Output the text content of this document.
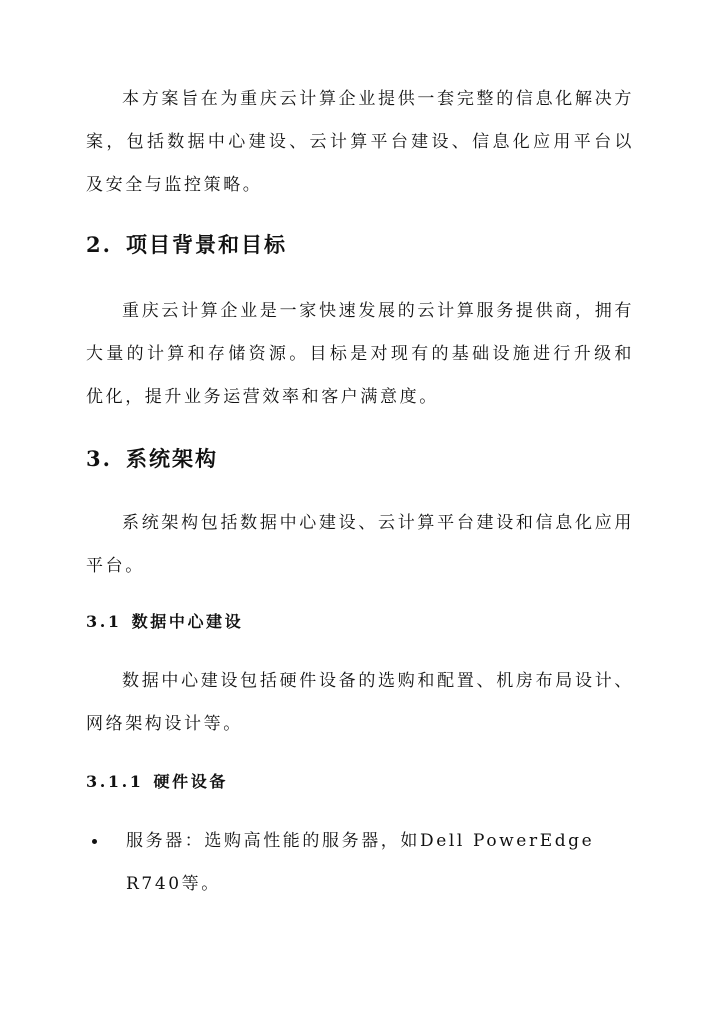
本方案旨在为重庆云计算企业提供一套完整的信息化解决方案，包括数据中心建设、云计算平台建设、信息化应用平台以及安全与监控策略。

2. 项目背景和目标

重庆云计算企业是一家快速发展的云计算服务提供商，拥有大量的计算和存储资源。目标是对现有的基础设施进行升级和优化，提升业务运营效率和客户满意度。

3. 系统架构

系统架构包括数据中心建设、云计算平台建设和信息化应用平台。

3.1 数据中心建设

数据中心建设包括硬件设备的选购和配置、机房布局设计、网络架构设计等。

3.1.1 硬件设备
服务器：选购高性能的服务器，如Dell PowerEdge R740等。
